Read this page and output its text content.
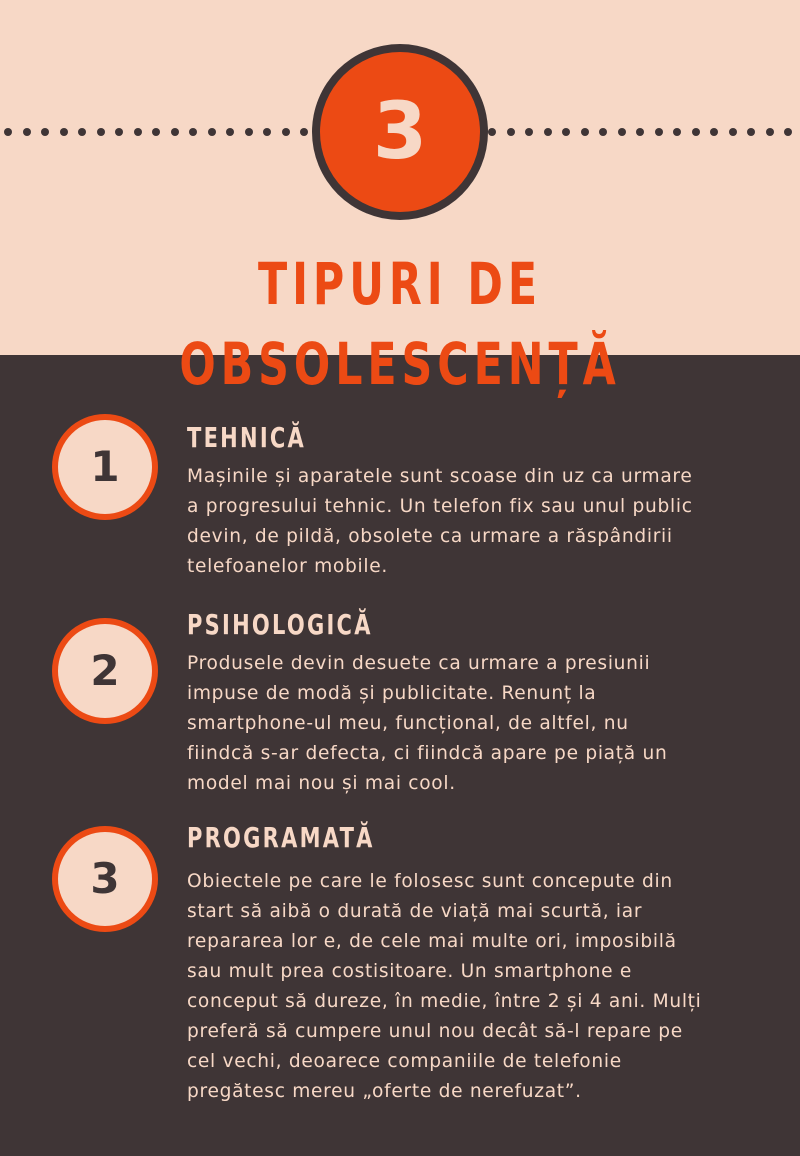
3
TIPURI DE OBSOLESCENȚĂ
1
TEHNICĂ
Mașinile și aparatele sunt scoase din uz ca urmare
a progresului tehnic. Un telefon fix sau unul public
devin, de pildă, obsolete ca urmare a răspândirii
telefoanelor mobile.
2
PSIHOLOGICĂ
Produsele devin desuete ca urmare a presiunii
impuse de modă și publicitate. Renunț la
smartphone-ul meu, funcțional, de altfel, nu
fiindcă s-ar defecta, ci fiindcă apare pe piață un
model mai nou și mai cool.
3
PROGRAMATĂ
Obiectele pe care le folosesc sunt concepute din
start să aibă o durată de viață mai scurtă, iar
repararea lor e, de cele mai multe ori, imposibilă
sau mult prea costisitoare. Un smartphone e
conceput să dureze, în medie, între 2 și 4 ani. Mulți
preferă să cumpere unul nou decât să-l repare pe
cel vechi, deoarece companiile de telefonie
pregătesc mereu „oferte de nerefuzat”.
